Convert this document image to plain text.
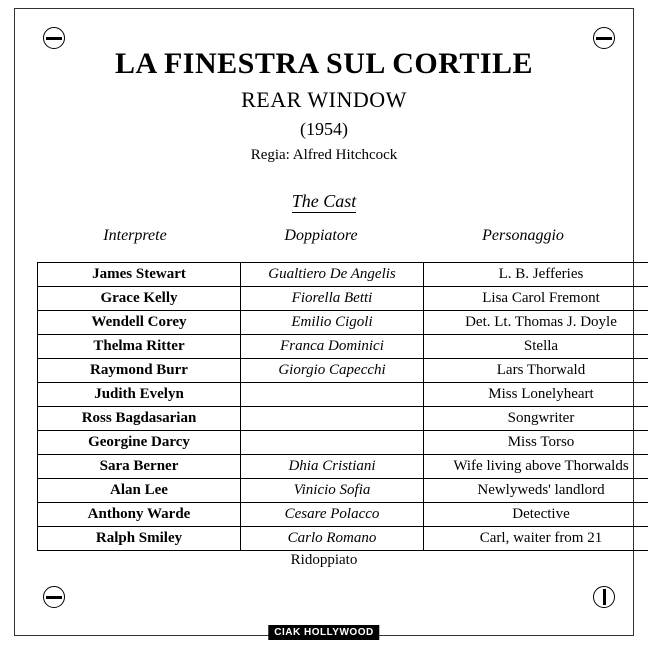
LA FINESTRA SUL CORTILE
REAR WINDOW
(1954)
Regia: Alfred Hitchcock
The Cast
Interprete	Doppiatore	Personaggio
James Stewart	Gualtiero De Angelis	L. B. Jefferies
Grace Kelly	Fiorella Betti	Lisa Carol Fremont
Wendell Corey	Emilio Cigoli	Det. Lt. Thomas J. Doyle
Thelma Ritter	Franca Dominici	Stella
Raymond Burr	Giorgio Capecchi	Lars Thorwald
Judith Evelyn		Miss Lonelyheart
Ross Bagdasarian		Songwriter
Georgine Darcy		Miss Torso
Sara Berner	Dhia Cristiani	Wife living above Thorwalds
Alan Lee	Vinicio Sofia	Newlyweds' landlord
Anthony Warde	Cesare Polacco	Detective
Ralph Smiley	Carlo Romano	Carl, waiter from 21
Ridoppiato
CIAK HOLLYWOOD
